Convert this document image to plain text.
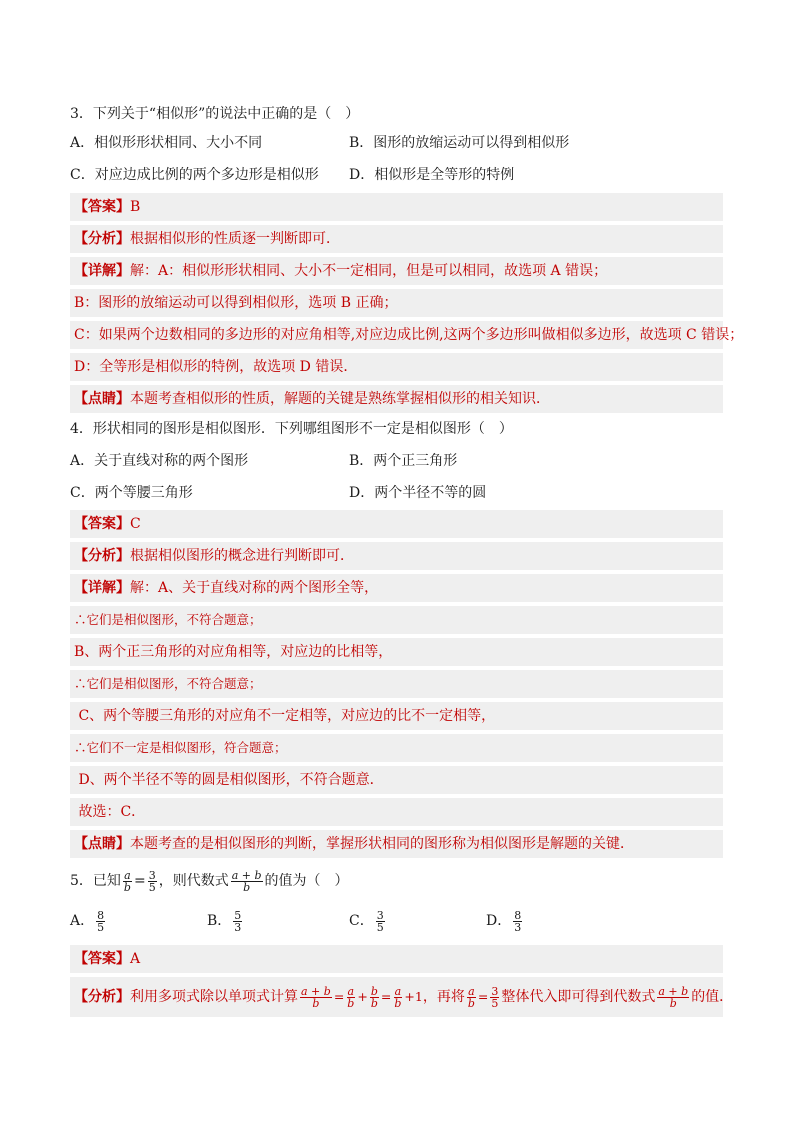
3．下列关于“相似形”的说法中正确的是（　）
A．相似形形状相同、大小不同	B．图形的放缩运动可以得到相似形
C．对应边成比例的两个多边形是相似形 D．相似形是全等形的特例
【答案】 B
【分析】 根据相似形的性质逐一判断即可．
【详解】 解：A：相似形形状相同、大小不一定相同，但是可以相同，故选项 A 错误；
B：图形的放缩运动可以得到相似形，选项 B 正确；
C：如果两个边数相同的多边形的对应角相等,对应边成比例,这两个多边形叫做相似多边形，故选项 C 错误；
D：全等形是相似形的特例，故选项 D 错误．
【点睛】 本题考查相似形的性质，解题的关键是熟练掌握相似形的相关知识．
4．形状相同的图形是相似图形．下列哪组图形不一定是相似图形（　）
A．关于直线对称的两个图形	B．两个正三角形
C．两个等腰三角形	D．两个半径不等的圆
【答案】 C
【分析】 根据相似图形的概念进行判断即可．
【详解】 解：A、关于直线对称的两个图形全等，
∴它们是相似图形，不符合题意；
B、两个正三角形的对应角相等，对应边的比相等，
∴它们是相似图形，不符合题意；
C、两个等腰三角形的对应角不一定相等，对应边的比不一定相等，
∴它们不一定是相似图形，符合题意；
D、两个半径不等的圆是相似图形，不符合题意．
故选：C．
【点睛】 本题考查的是相似图形的判断，掌握形状相同的图形称为相似图形是解题的关键．
5．已知 $\frac{a}{b} = \frac{3}{5}$ ，则代数式 $\frac{a + b}{b}$ 的值为（　）
A． $\frac{8}{5}$	B． $\frac{5}{3}$	C． $\frac{3}{5}$	D． $\frac{8}{3}$
【答案】 A
【分析】 利用多项式除以单项式计算 $\frac{a + b}{b} = \frac{a}{b} + \frac{b}{b} = \frac{a}{b} +1$ ，再将 $\frac{a}{b} = \frac{3}{5}$ 整体代入即可得到代数式 $\frac{a + b}{b}$ 的值．
